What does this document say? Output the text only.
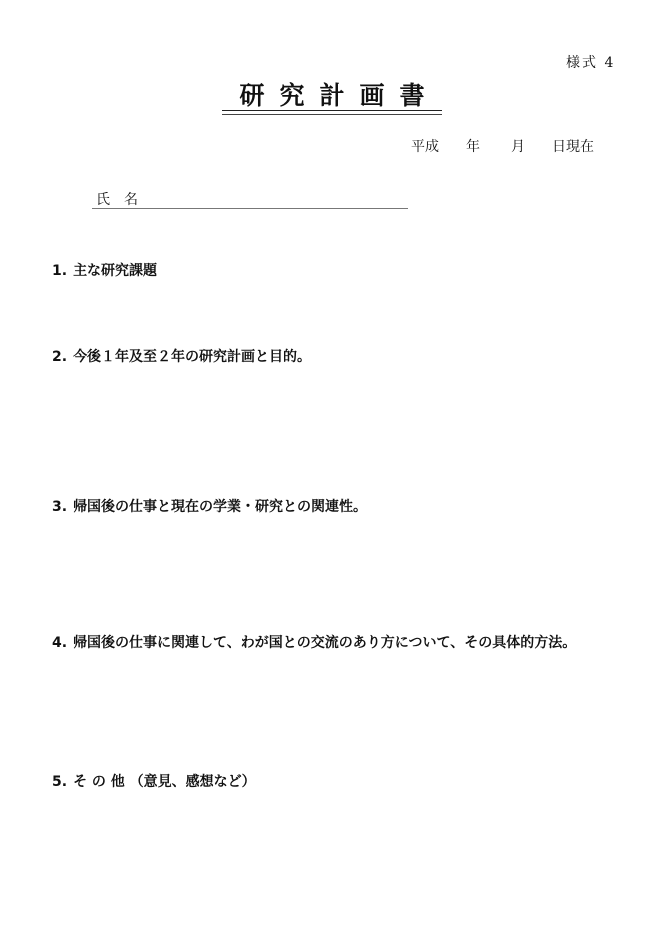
様式 4
研究計画書
平成 年 月 日現在
氏名
1. 主な研究課題
2. 今後１年及至２年の研究計画と目的。
3. 帰国後の仕事と現在の学業・研究との関連性。
4. 帰国後の仕事に関連して、わが国との交流のあり方について、その具体的方法。
5. そ の 他 （意見、感想など）
